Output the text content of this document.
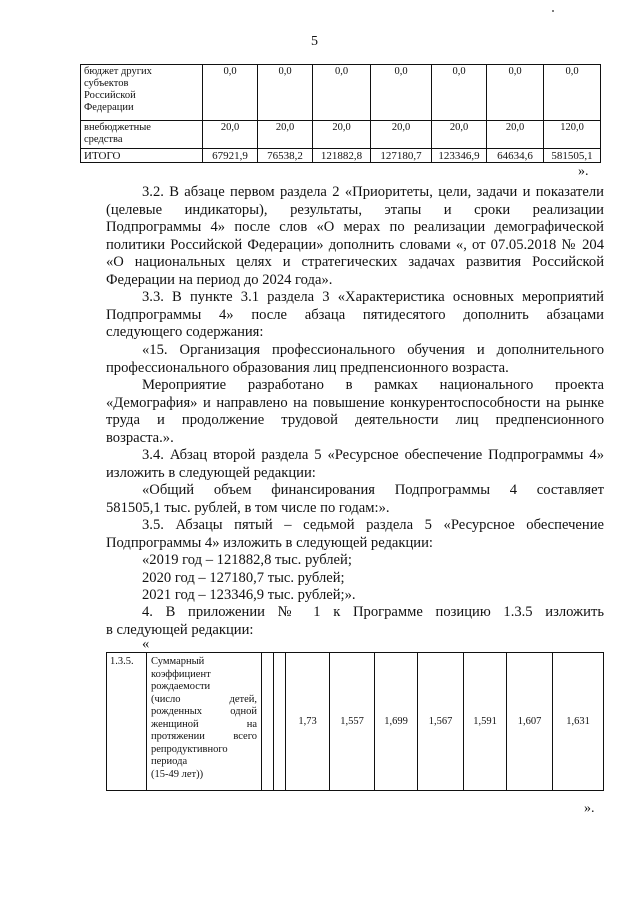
5
бюджет других
субъектов
Российской
Федерации	0,0	0,0	0,0	0,0	0,0	0,0	0,0

внебюджетные
средства	20,0	20,0	20,0	20,0	20,0	20,0	120,0
ИТОГО	67921,9	76538,2	121882,8	127180,7	123346,9	64634,6	581505,1
».
3.2. В абзаце первом раздела 2 «Приоритеты, цели, задачи и показатели
(целевые индикаторы), результаты, этапы и сроки реализации
Подпрограммы 4» после слов «О мерах по реализации демографической
политики Российской Федерации» дополнить словами «, от 07.05.2018 № 204
«О национальных целях и стратегических задачах развития Российской
Федерации на период до 2024 года».
3.3. В пункте 3.1 раздела 3 «Характеристика основных мероприятий
Подпрограммы 4» после абзаца пятидесятого дополнить абзацами
следующего содержания:
«15. Организация профессионального обучения и дополнительного
профессионального образования лиц предпенсионного возраста.
Мероприятие разработано в рамках национального проекта
«Демография» и направлено на повышение конкурентоспособности на рынке
труда и продолжение трудовой деятельности лиц предпенсионного
возраста.».
3.4. Абзац второй раздела 5 «Ресурсное обеспечение Подпрограммы 4»
изложить в следующей редакции:
«Общий объем финансирования Подпрограммы 4 составляет
581505,1 тыс. рублей, в том числе по годам:».
3.5. Абзацы пятый – седьмой раздела 5 «Ресурсное обеспечение
Подпрограммы 4» изложить в следующей редакции:
«2019 год – 121882,8 тыс. рублей;
2020 год – 127180,7 тыс. рублей;
2021 год – 123346,9 тыс. рублей;».
4. В приложении № 1 к Программе позицию 1.3.5 изложить
в следующей редакции:
«
1.3.5.	Суммарный
коэффициент
рождаемости
(число детей,
рожденных одной
женщиной на
протяжении всего
репродуктивного
периода
(15-49 лет))
			1,73	1,557	1,699	1,567	1,591	1,607	1,631
».
